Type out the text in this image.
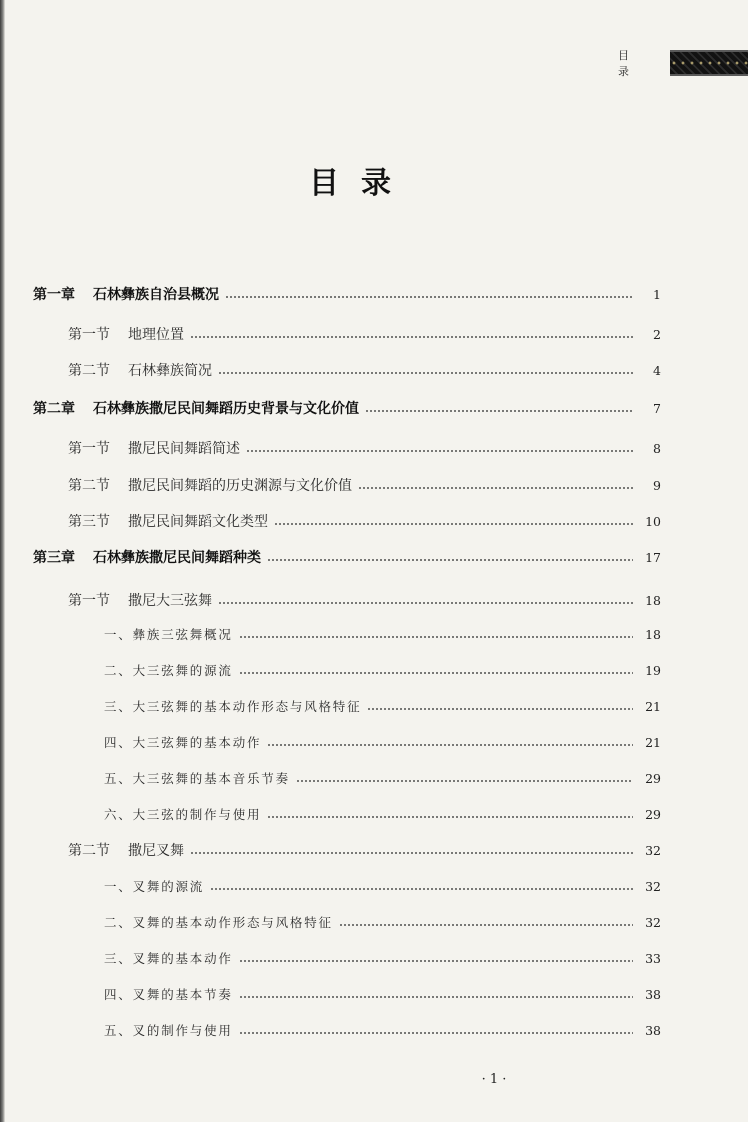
目 录
目 录
第一章 石林彝族自治县概况	1
第一节 地理位置	2
第二节 石林彝族简况	4
第二章 石林彝族撒尼民间舞蹈历史背景与文化价值	7
第一节 撒尼民间舞蹈简述	8
第二节 撒尼民间舞蹈的历史渊源与文化价值	9
第三节 撒尼民间舞蹈文化类型	10
第三章 石林彝族撒尼民间舞蹈种类	17
第一节 撒尼大三弦舞	18
一、 彝族三弦舞概况	18
二、 大三弦舞的源流	19
三、 大三弦舞的基本动作形态与风格特征	21
四、 大三弦舞的基本动作	21
五、 大三弦舞的基本音乐节奏	29
六、 大三弦的制作与使用	29
第二节 撒尼叉舞	32
一、 叉舞的源流	32
二、 叉舞的基本动作形态与风格特征	32
三、 叉舞的基本动作	33
四、 叉舞的基本节奏	38
五、 叉的制作与使用	38
· 1 ·
